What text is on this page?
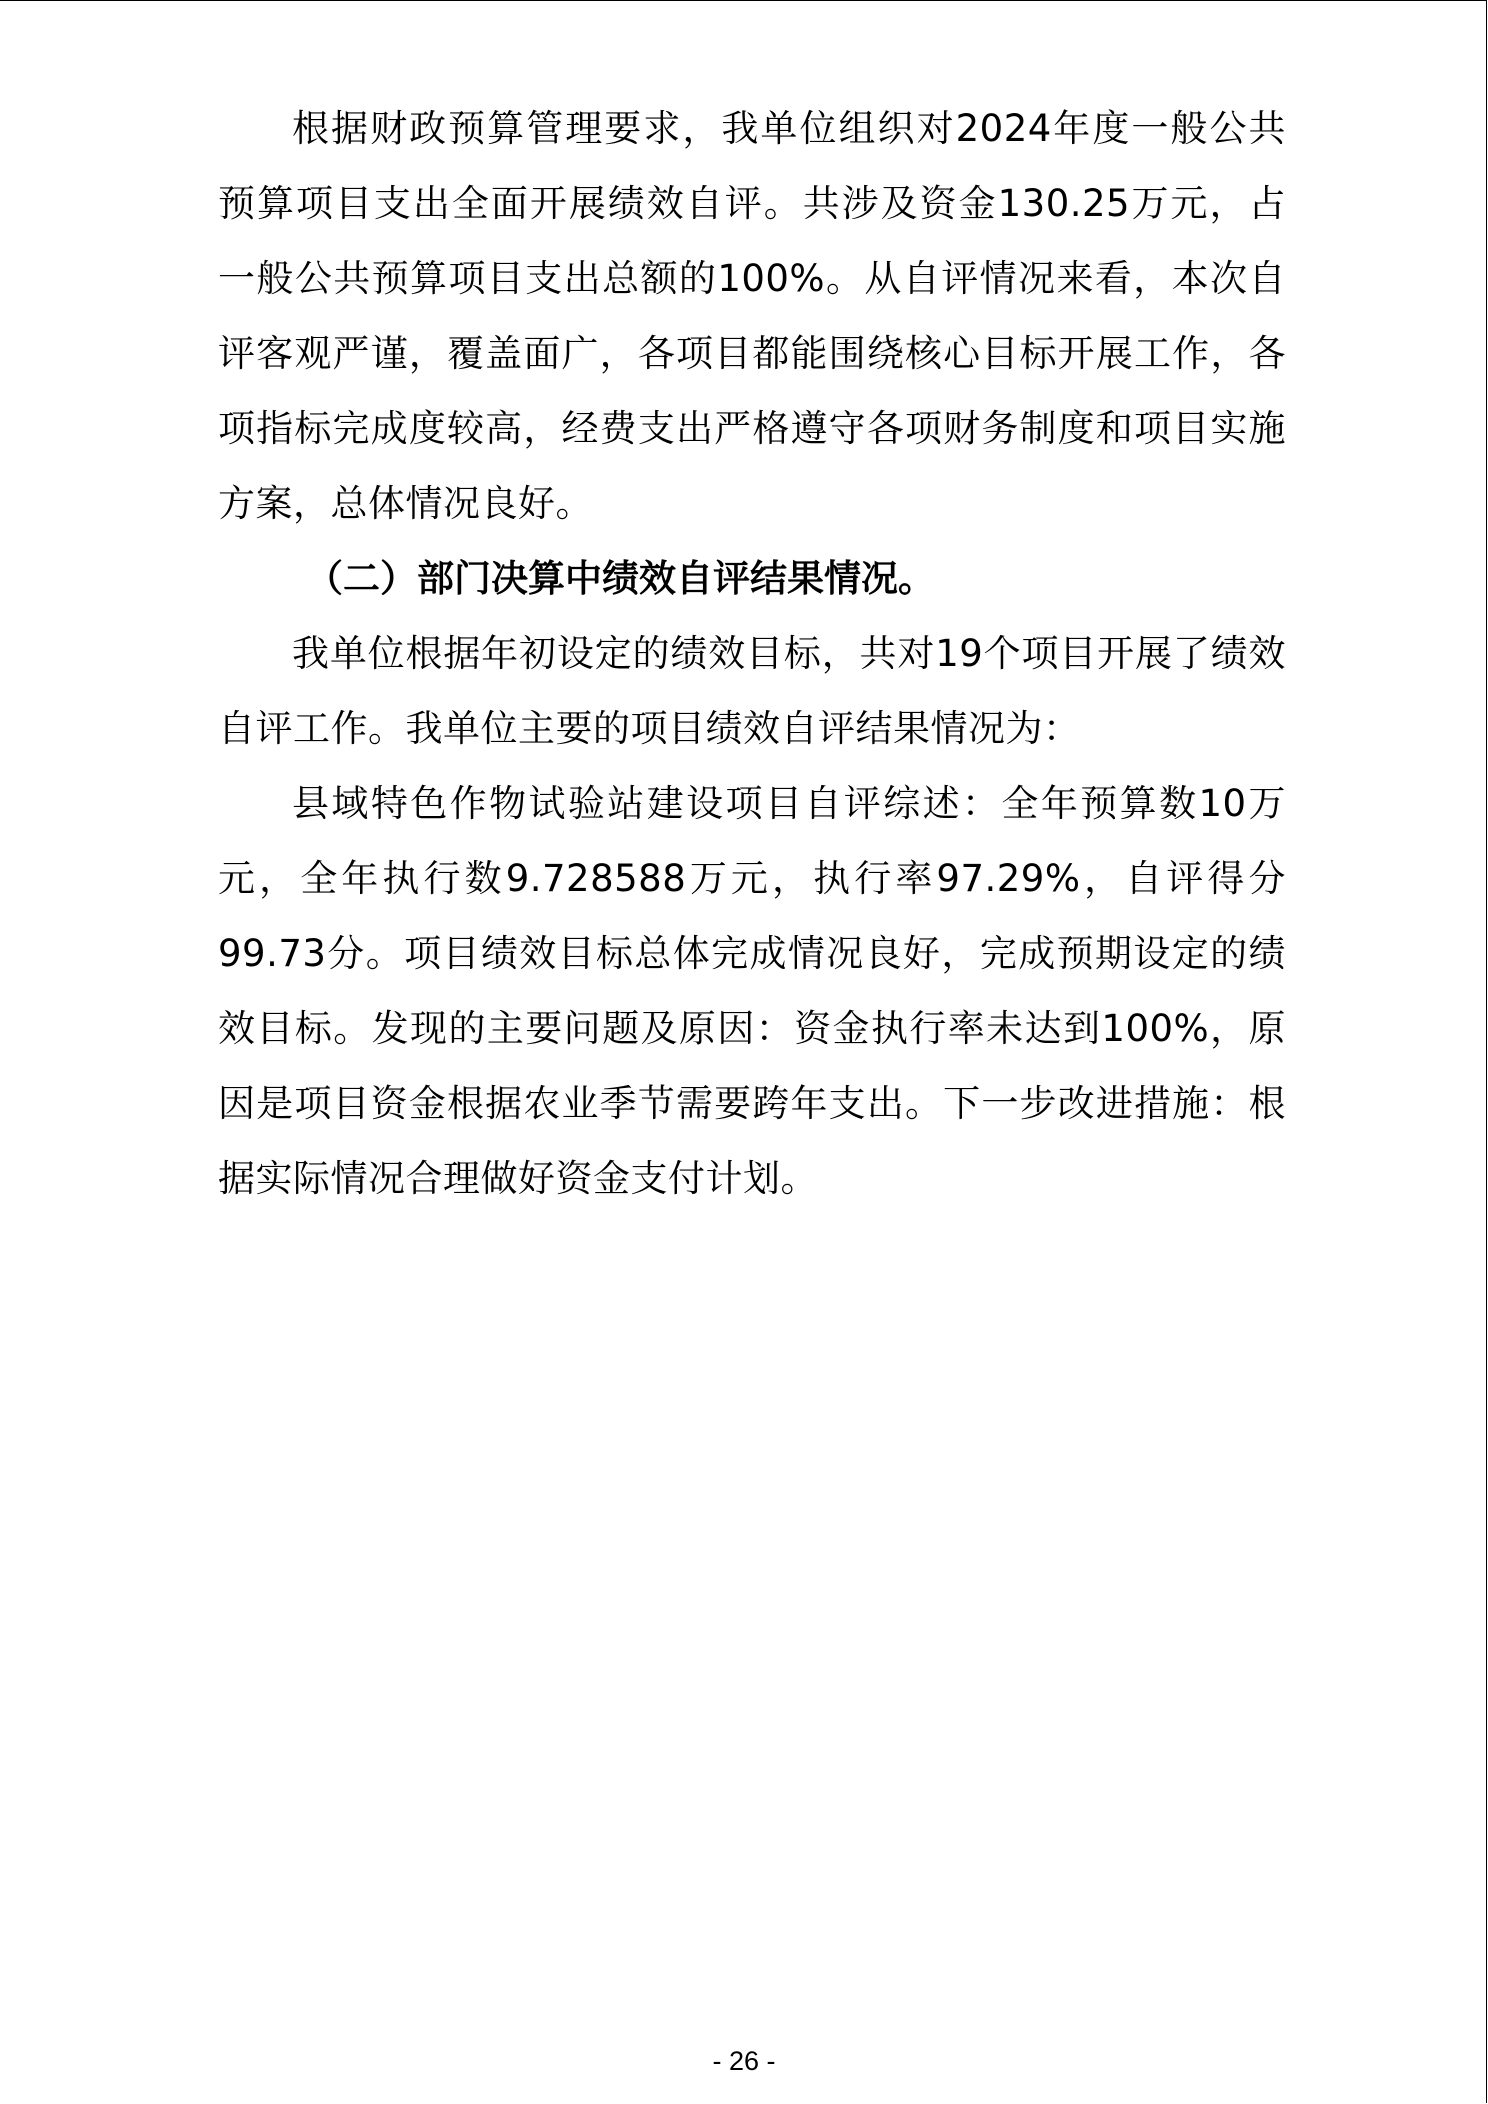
根据财政预算管理要求，我单位组织对2024年度一般公共预算项目支出全面开展绩效自评。共涉及资金130.25万元，占一般公共预算项目支出总额的100%。从自评情况来看，本次自评客观严谨，覆盖面广，各项目都能围绕核心目标开展工作，各项指标完成度较高，经费支出严格遵守各项财务制度和项目实施方案，总体情况良好。

（二）部门决算中绩效自评结果情况。

我单位根据年初设定的绩效目标，共对19个项目开展了绩效自评工作。我单位主要的项目绩效自评结果情况为：

县域特色作物试验站建设项目自评综述：全年预算数10万元，全年执行数9.728588万元，执行率97.29%，自评得分99.73分。项目绩效目标总体完成情况良好，完成预期设定的绩效目标。发现的主要问题及原因：资金执行率未达到100%，原因是项目资金根据农业季节需要跨年支出。下一步改进措施：根据实际情况合理做好资金支付计划。

- 26 -
